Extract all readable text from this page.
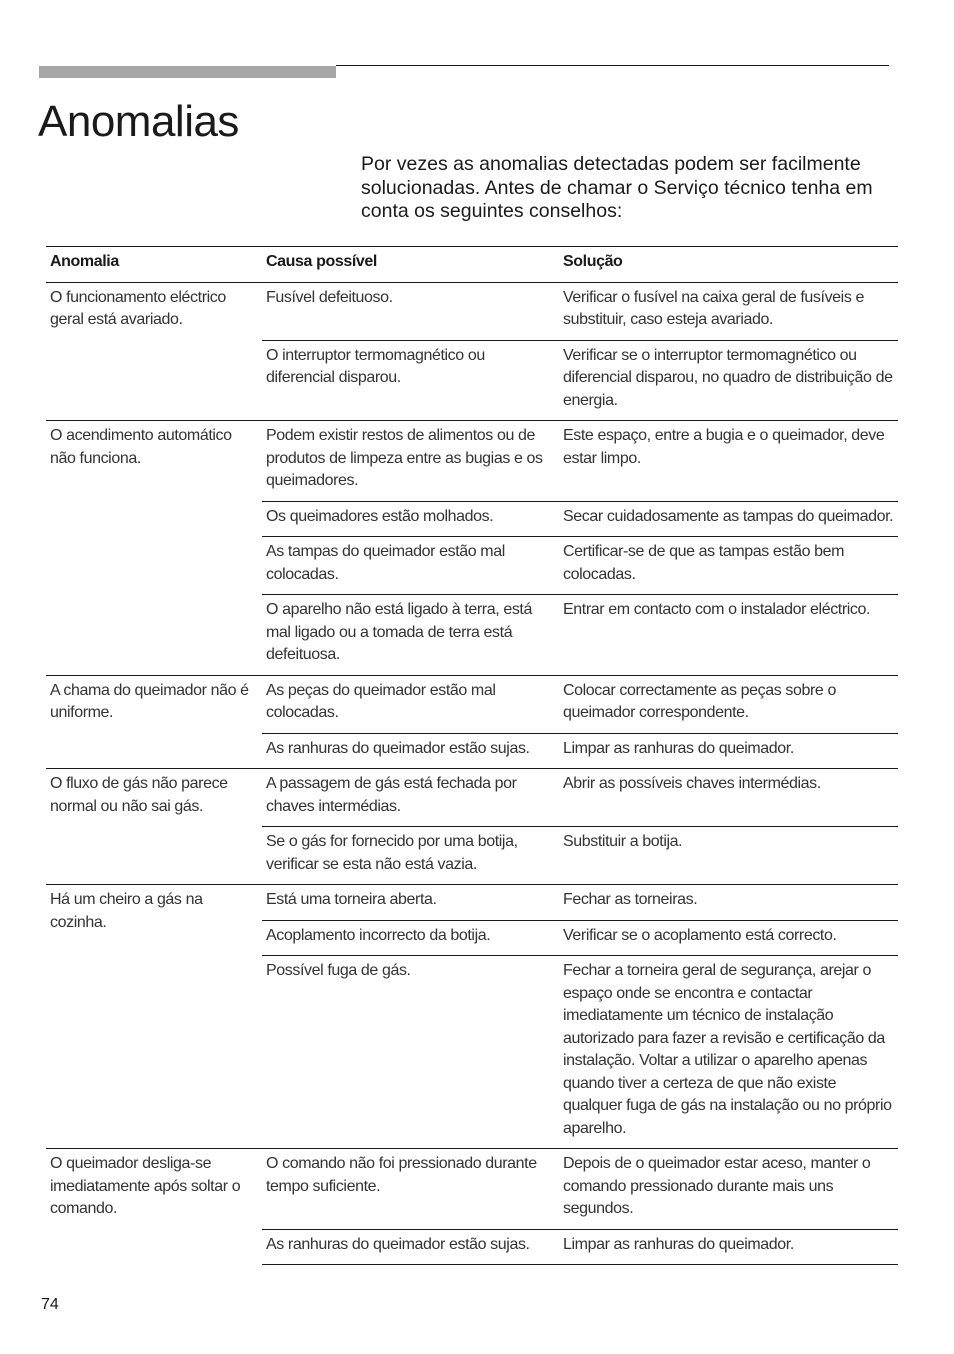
Anomalias

Por vezes as anomalias detectadas podem ser facilmente solucionadas. Antes de chamar o Serviço técnico tenha em conta os seguintes conselhos:

Anomalia	Causa possível	Solução
O funcionamento eléctrico geral está avariado.	Fusível defeituoso.	Verificar o fusível na caixa geral de fusíveis e substituir, caso esteja avariado.
	O interruptor termomagnético ou diferencial disparou.	Verificar se o interruptor termomagnético ou diferencial disparou, no quadro de distribuição de energia.
O acendimento automático não funciona.	Podem existir restos de alimentos ou de produtos de limpeza entre as bugias e os queimadores.	Este espaço, entre a bugia e o queimador, deve estar limpo.
	Os queimadores estão molhados.	Secar cuidadosamente as tampas do queimador.
	As tampas do queimador estão mal colocadas.	Certificar-se de que as tampas estão bem colocadas.
	O aparelho não está ligado à terra, está mal ligado ou a tomada de terra está defeituosa.	Entrar em contacto com o instalador eléctrico.
A chama do queimador não é uniforme.	As peças do queimador estão mal colocadas.	Colocar correctamente as peças sobre o queimador correspondente.
	As ranhuras do queimador estão sujas.	Limpar as ranhuras do queimador.
O fluxo de gás não parece normal ou não sai gás.	A passagem de gás está fechada por chaves intermédias.	Abrir as possíveis chaves intermédias.
	Se o gás for fornecido por uma botija, verificar se esta não está vazia.	Substituir a botija.
Há um cheiro a gás na cozinha.	Está uma torneira aberta.	Fechar as torneiras.
	Acoplamento incorrecto da botija.	Verificar se o acoplamento está correcto.
	Possível fuga de gás.	Fechar a torneira geral de segurança, arejar o espaço onde se encontra e contactar imediatamente um técnico de instalação autorizado para fazer a revisão e certificação da instalação. Voltar a utilizar o aparelho apenas quando tiver a certeza de que não existe qualquer fuga de gás na instalação ou no próprio aparelho.
O queimador desliga-se imediatamente após soltar o comando.	O comando não foi pressionado durante tempo suficiente.	Depois de o queimador estar aceso, manter o comando pressionado durante mais uns segundos.
	As ranhuras do queimador estão sujas.	Limpar as ranhuras do queimador.
74
